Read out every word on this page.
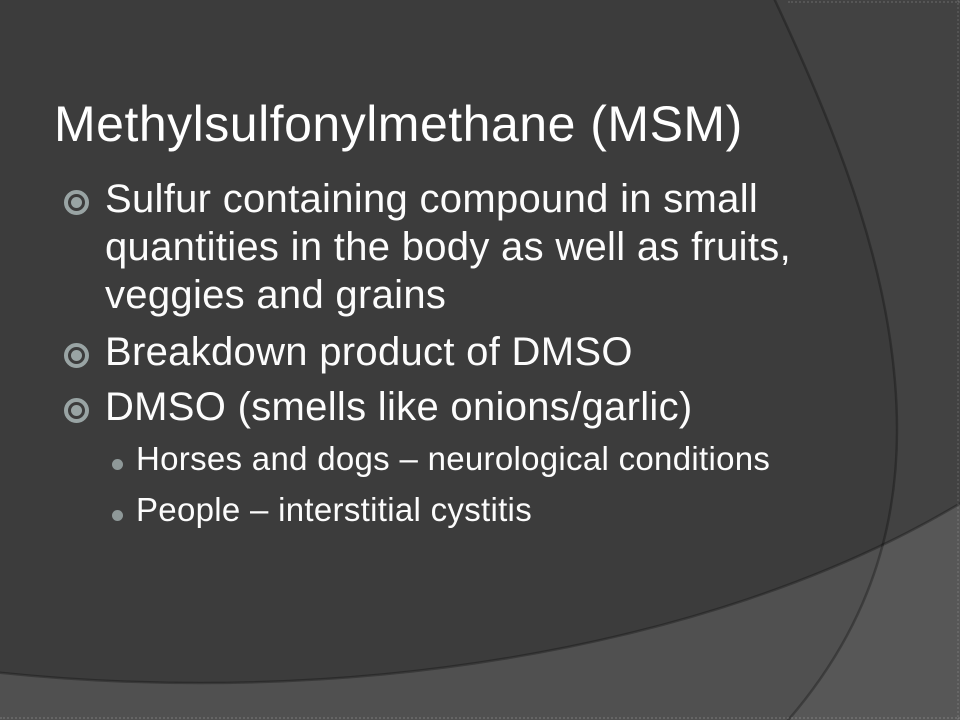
Methylsulfonylmethane (MSM)
Sulfur containing compound in small
quantities in the body as well as fruits,
veggies and grains
Breakdown product of DMSO
DMSO (smells like onions/garlic)
Horses and dogs – neurological conditions
People – interstitial cystitis
